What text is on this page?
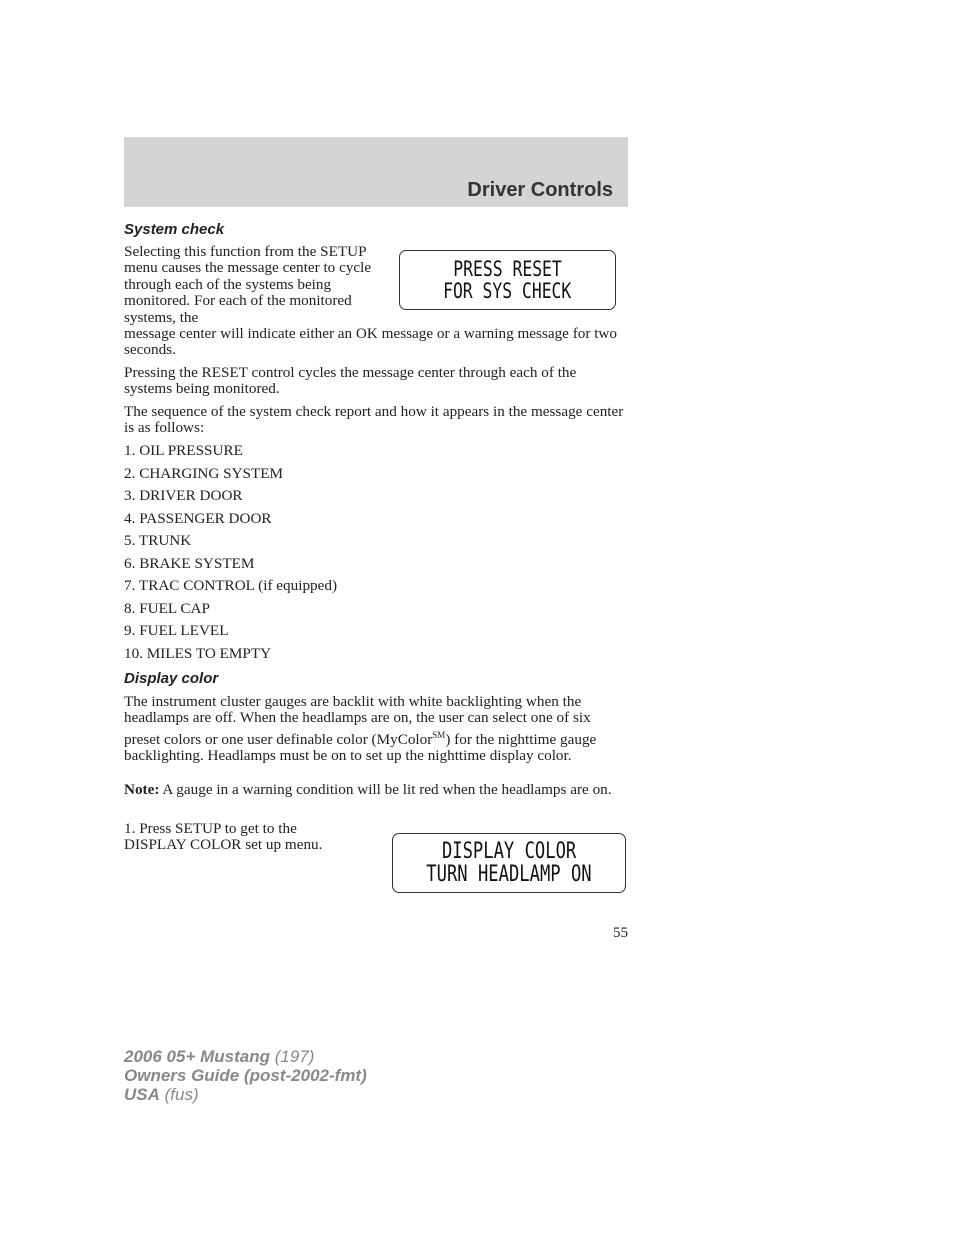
Driver Controls
System check

Selecting this function from the SETUP menu causes the message center to cycle through each of the systems being monitored. For each of the monitored systems, the

PRESS RESET
FOR SYS CHECK

message center will indicate either an OK message or a warning message for two seconds.

Pressing the RESET control cycles the message center through each of the systems being monitored.

The sequence of the system check report and how it appears in the message center is as follows:

1. OIL PRESSURE
2. CHARGING SYSTEM
3. DRIVER DOOR
4. PASSENGER DOOR
5. TRUNK
6. BRAKE SYSTEM
7. TRAC CONTROL (if equipped)
8. FUEL CAP
9. FUEL LEVEL
10. MILES TO EMPTY
Display color

The instrument cluster gauges are backlit with white backlighting when the headlamps are off. When the headlamps are on, the user can select one of six preset colors or one user definable color (MyColor℠) for the nighttime gauge backlighting. Headlamps must be on to set up the nighttime display color.

Note: A gauge in a warning condition will be lit red when the headlamps are on.

1. Press SETUP to get to the DISPLAY COLOR set up menu.	DISPLAY COLOR
TURN HEADLAMP ON
55
2006 05+ Mustang (197)
Owners Guide (post-2002-fmt)
USA (fus)
